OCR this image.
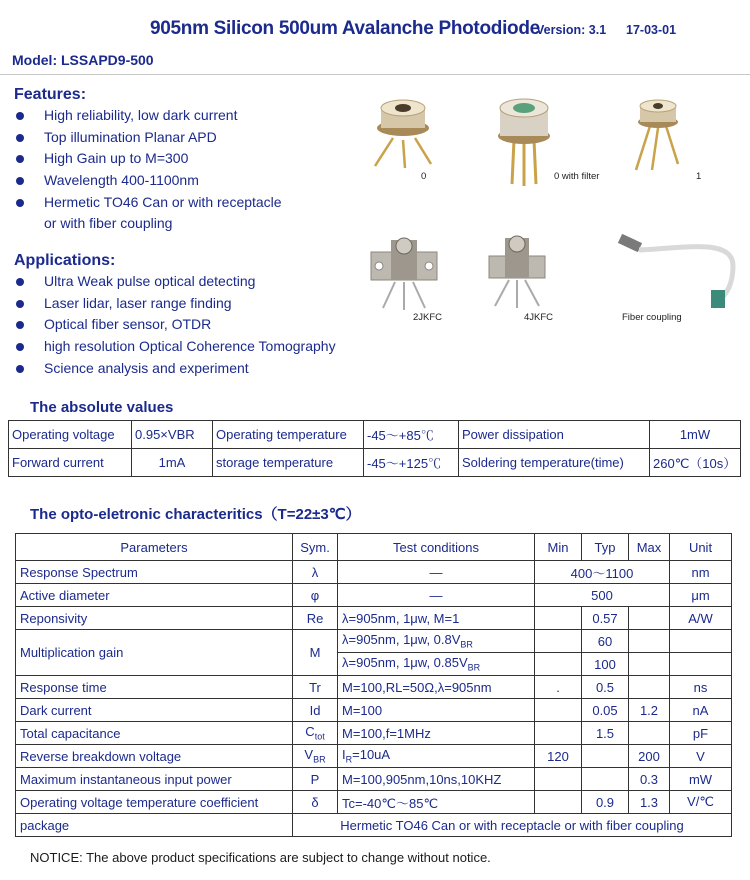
905nm Silicon 500um Avalanche Photodiode
Version: 3.1 17-03-01
Model: LSSAPD9-500
Features:
High reliability, low dark current
Top illumination Planar APD
High Gain up to M=300
Wavelength 400-1100nm
Hermetic TO46 Can or with receptacle
or with fiber coupling
Applications:
Ultra Weak pulse optical detecting
Laser lidar, laser range finding
Optical fiber sensor, OTDR
high resolution Optical Coherence Tomography
Science analysis and experiment
0	0 with filter	1
2JKFC	4JKFC	Fiber coupling
The absolute values
Operating voltage	0.95×VBR	Operating temperature	-45～+85℃	Power dissipation	1mW
Forward current	1mA	storage temperature	-45～+125℃	Soldering temperature(time)	260℃（10s）
The opto-eletronic characteritics（T=22±3℃）
Parameters	Sym.	Test conditions	Min	Typ	Max	Unit
Response Spectrum	λ	—	400～1100			nm
Active diameter	φ	—	500			μm
Reponsivity	Re	λ=905nm, 1μw, M=1		0.57		A/W
Multiplication gain	M	λ=905nm, 1μw, $0.8V_{BR}$		60		
		λ=905nm, 1μw, $0.85V_{BR}$		100		
Response time	Tr	M=100,RL=50Ω,λ=905nm	.	0.5		ns
Dark current	Id	M=100		0.05	1.2	nA
Total capacitance	$C_{tot}$	M=100,f=1MHz		1.5		pF
Reverse breakdown voltage	$V_{BR}$	$I_R=10uA$	120		200	V
Maximum instantaneous input power	P	M=100,905nm,10ns,10KHZ			0.3	mW
Operating voltage temperature coefficient	δ	Tc=-40℃～85℃		0.9	1.3	V/℃
package	Hermetic TO46 Can or with receptacle or with fiber coupling					
NOTICE: The above product specifications are subject to change without notice.
